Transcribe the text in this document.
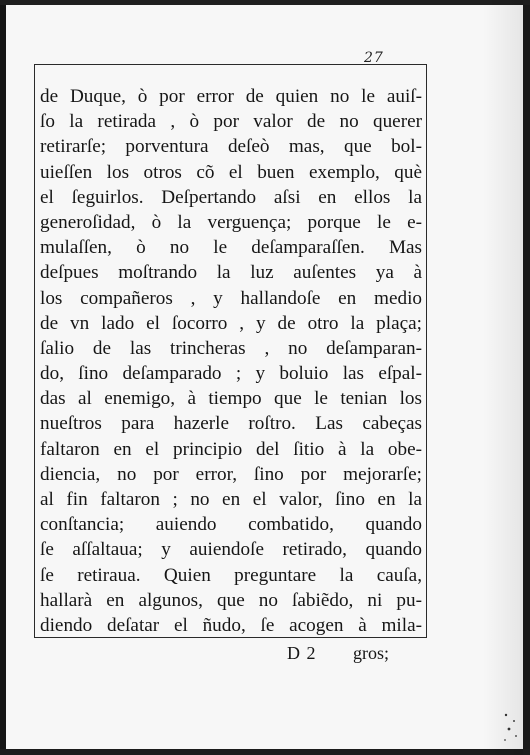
27
de Duque, ò por error de quien no le auiſ-
ſo la retirada , ò por valor de no querer
retirarſe; porventura deſeò mas, que bol-
uieſſen los otros cõ el buen exemplo, què
el ſeguirlos. Deſpertando aſsi en ellos la
generoſidad, ò la verguença; porque le e-
mulaſſen, ò no le deſamparaſſen. Mas
deſpues moſtrando la luz auſentes ya à
los compañeros , y hallandoſe en medio
de vn lado el ſocorro , y de otro la plaça;
ſalio de las trincheras , no deſamparan-
do, ſino deſamparado ; y boluio las eſpal-
das al enemigo, à tiempo que le tenian los
nueſtros para hazerle roſtro. Las cabeças
faltaron en el principio del ſitio à la obe-
diencia, no por error, ſino por mejorarſe;
al fin faltaron ; no en el valor, ſino en la
conſtancia; auiendo combatido, quando
ſe aſſaltaua; y auiendoſe retirado, quando
ſe retiraua. Quien preguntare la cauſa,
hallarà en algunos, que no ſabiẽdo, ni pu-
diendo deſatar el ñudo, ſe acogen à mila-
D 2 gros;
